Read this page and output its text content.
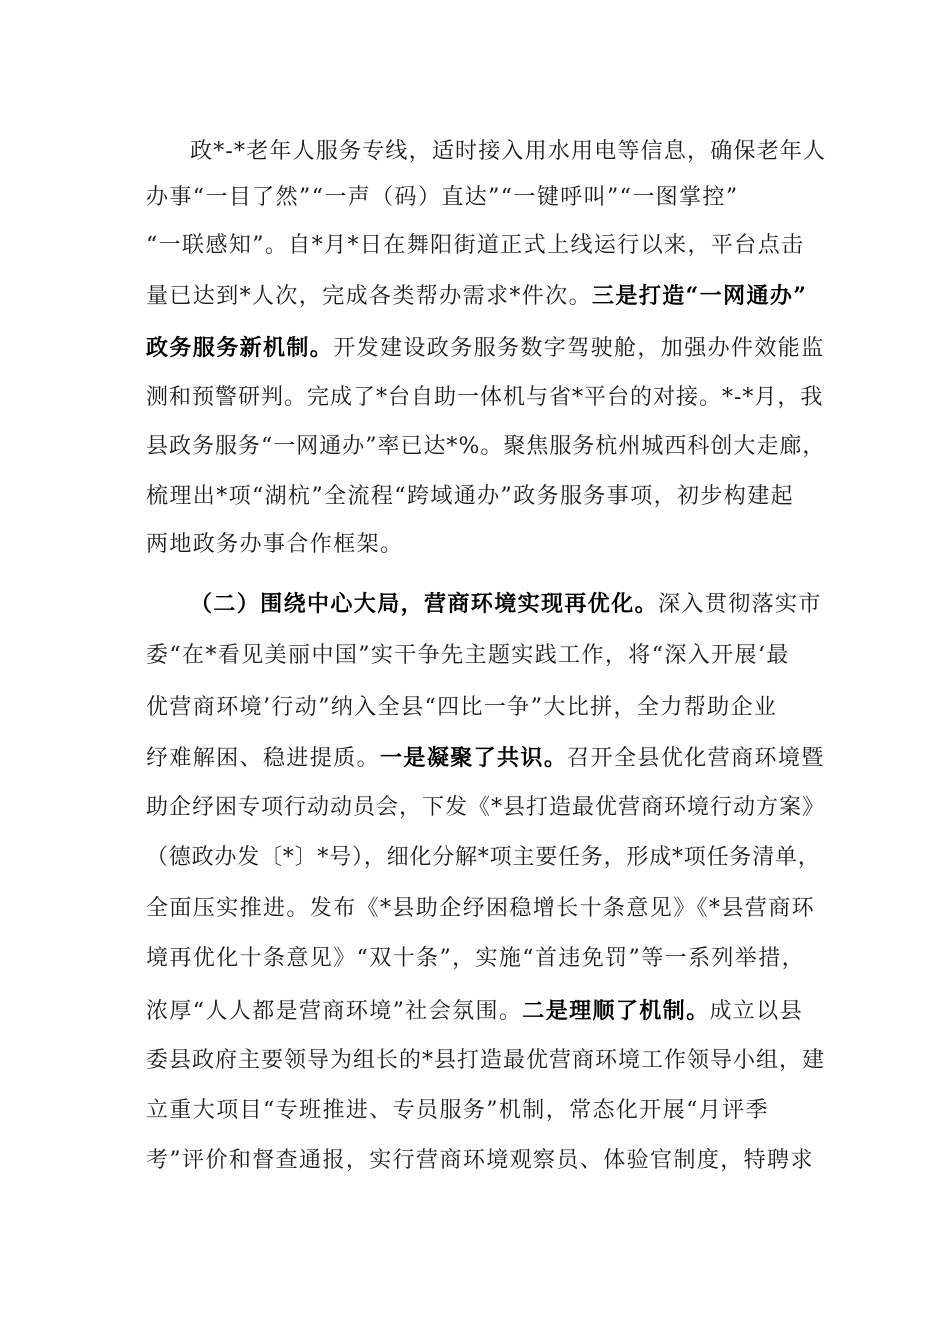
政*-*老年人服务专线，适时接入用水用电等信息，确保老年人
办事“一目了然”“一声（码）直达”“一键呼叫”“一图掌控”
“一联感知”。自*月*日在舞阳街道正式上线运行以来，平台点击
量已达到*人次，完成各类帮办需求*件次。三是打造“一网通办”
政务服务新机制。开发建设政务服务数字驾驶舱，加强办件效能监
测和预警研判。完成了*台自助一体机与省*平台的对接。*-*月，我
县政务服务“一网通办”率已达*%。聚焦服务杭州城西科创大走廊，
梳理出*项“湖杭”全流程“跨域通办”政务服务事项，初步构建起
两地政务办事合作框架。
（二）围绕中心大局，营商环境实现再优化。深入贯彻落实市
委“在*看见美丽中国”实干争先主题实践工作，将“深入开展‘最
优营商环境’行动”纳入全县“四比一争”大比拼，全力帮助企业
纾难解困、稳进提质。一是凝聚了共识。召开全县优化营商环境暨
助企纾困专项行动动员会，下发《*县打造最优营商环境行动方案》
（德政办发〔*〕*号），细化分解*项主要任务，形成*项任务清单，
全面压实推进。发布《*县助企纾困稳增长十条意见》《*县营商环
境再优化十条意见》“双十条”，实施“首违免罚”等一系列举措，
浓厚“人人都是营商环境”社会氛围。二是理顺了机制。成立以县
委县政府主要领导为组长的*县打造最优营商环境工作领导小组，建
立重大项目“专班推进、专员服务”机制，常态化开展“月评季
考”评价和督查通报，实行营商环境观察员、体验官制度，特聘求
